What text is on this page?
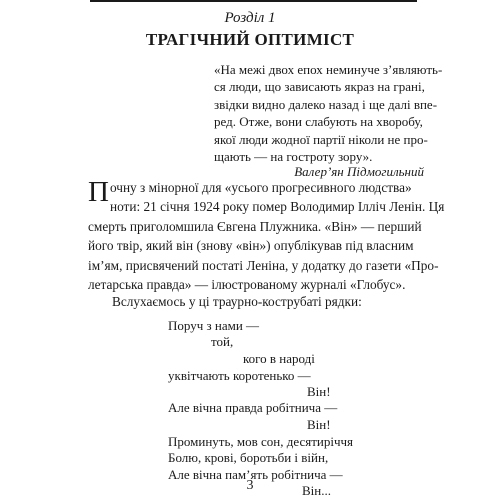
Розділ 1
ТРАГІЧНИЙ ОПТИМІСТ
«На межі двох епох неминуче з’являють-
ся люди, що зависають якраз на грані,
звідки видно далеко назад і ще далі впе-
ред. Отже, вони слабують на хворобу,
якої люди жодної партії ніколи не про-
щають — на гостроту зору».
Валер’ян Підмогильний
П очну з мінорної для «усього прогресивного людства»
ноти: 21 січня 1924 року помер Володимир Ілліч Ленін. Ця
смерть приголомшила Євгена Плужника. «Він» — перший
його твір, який він (знову «він») опублікував під власним
ім’ям, присвячений постаті Леніна, у додатку до газети «Про-
летарська правда» — ілюстрованому журналі «Глобус».
Вслухаємось у ці траурно-кострубаті рядки:
Поруч з нами —
той,
кого в народі
уквітчають коротенько —
Він!
Але вічна правда робітнича —
Він!
Проминуть, мов сон, десятиріччя
Болю, крові, боротьби і війн,
Але вічна пам’ять робітнича —
Він...
3
